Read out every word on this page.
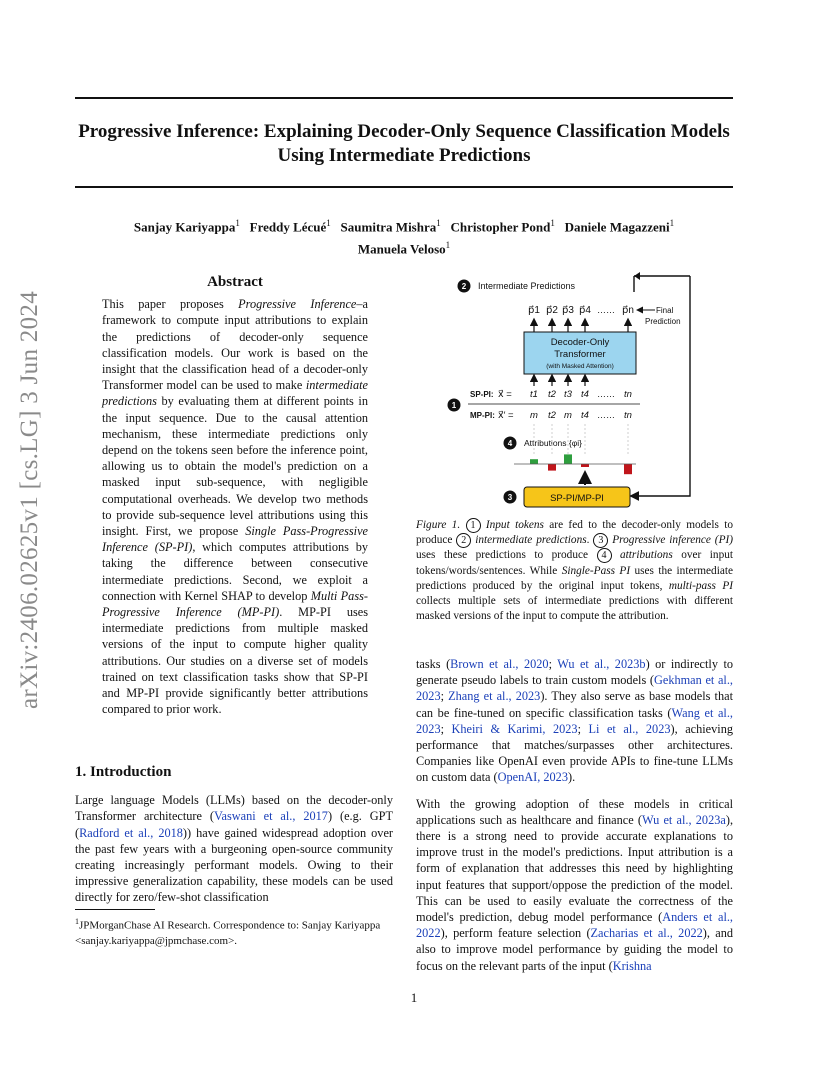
arXiv:2406.02625v1 [cs.LG] 3 Jun 2024
Progressive Inference: Explaining Decoder-Only Sequence Classification Models
Using Intermediate Predictions
Sanjay Kariyappa$^1$ Freddy Lécué$^1$ Saumitra Mishra$^1$ Christopher Pond$^1$ Daniele Magazzeni$^1$
Manuela Veloso$^1$
Abstract

This paper proposes Progressive Inference–a framework to compute input attributions to explain the predictions of decoder-only sequence classification models. Our work is based on the insight that the classification head of a decoder-only Transformer model can be used to make intermediate predictions by evaluating them at different points in the input sequence. Due to the causal attention mechanism, these intermediate predictions only depend on the tokens seen before the inference point, allowing us to obtain the model's prediction on a masked input sub-sequence, with negligible computational overheads. We develop two methods to provide sub-sequence level attributions using this insight. First, we propose Single Pass-Progressive Inference (SP-PI), which computes attributions by taking the difference between consecutive intermediate predictions. Second, we exploit a connection with Kernel SHAP to develop Multi Pass-Progressive Inference (MP-PI). MP-PI uses intermediate predictions from multiple masked versions of the input to compute higher quality attributions. Our studies on a diverse set of models trained on text classification tasks show that SP-PI and MP-PI provide significantly better attributions compared to prior work.

1. Introduction

Large language Models (LLMs) based on the decoder-only Transformer architecture (Vaswani et al., 2017) (e.g. GPT (Radford et al., 2018)) have gained widespread adoption over the past few years with a burgeoning open-source community creating increasingly performant models. Owing to their impressive generalization capability, these models can be used directly for zero/few-shot classification

$^1$JPMorganChase AI Research. Correspondence to: Sanjay Kariyappa <sanjay.kariyappa@jpmchase.com>.
2 Intermediate Predictions
p⃗1 p⃗2 p⃗3 p⃗4 …… p⃗n	Final
Prediction
Decoder-Only
Transformer
(with Masked Attention)
1
SP-PI: x⃗ = t1 t2 t3 t4	tn
……
MP-PI: x⃗′ = m t2 m t4	tn
……
4 Attributions {φi}
3	SP-PI/MP-PI
Figure 1. 1 Input tokens are fed to the decoder-only models to produce 2 intermediate predictions. 3 Progressive inference (PI) uses these predictions to produce 4 attributions over input tokens/words/sentences. While Single-Pass PI uses the intermediate predictions produced by the original input tokens, multi-pass PI collects multiple sets of intermediate predictions with different masked versions of the input to compute the attribution.

tasks (Brown et al., 2020; Wu et al., 2023b) or indirectly to generate pseudo labels to train custom models (Gekhman et al., 2023; Zhang et al., 2023). They also serve as base models that can be fine-tuned on specific classification tasks (Wang et al., 2023; Kheiri & Karimi, 2023; Li et al., 2023), achieving performance that matches/surpasses other architectures. Companies like OpenAI even provide APIs to fine-tune LLMs on custom data (OpenAI, 2023).

With the growing adoption of these models in critical applications such as healthcare and finance (Wu et al., 2023a), there is a strong need to provide accurate explanations to improve trust in the model's predictions. Input attribution is a form of explanation that addresses this need by highlighting input features that support/oppose the prediction of the model. This can be used to easily evaluate the correctness of the model's prediction, debug model performance (Anders et al., 2022), perform feature selection (Zacharias et al., 2022), and also to improve model performance by guiding the model to focus on the relevant parts of the input (Krishna

1
